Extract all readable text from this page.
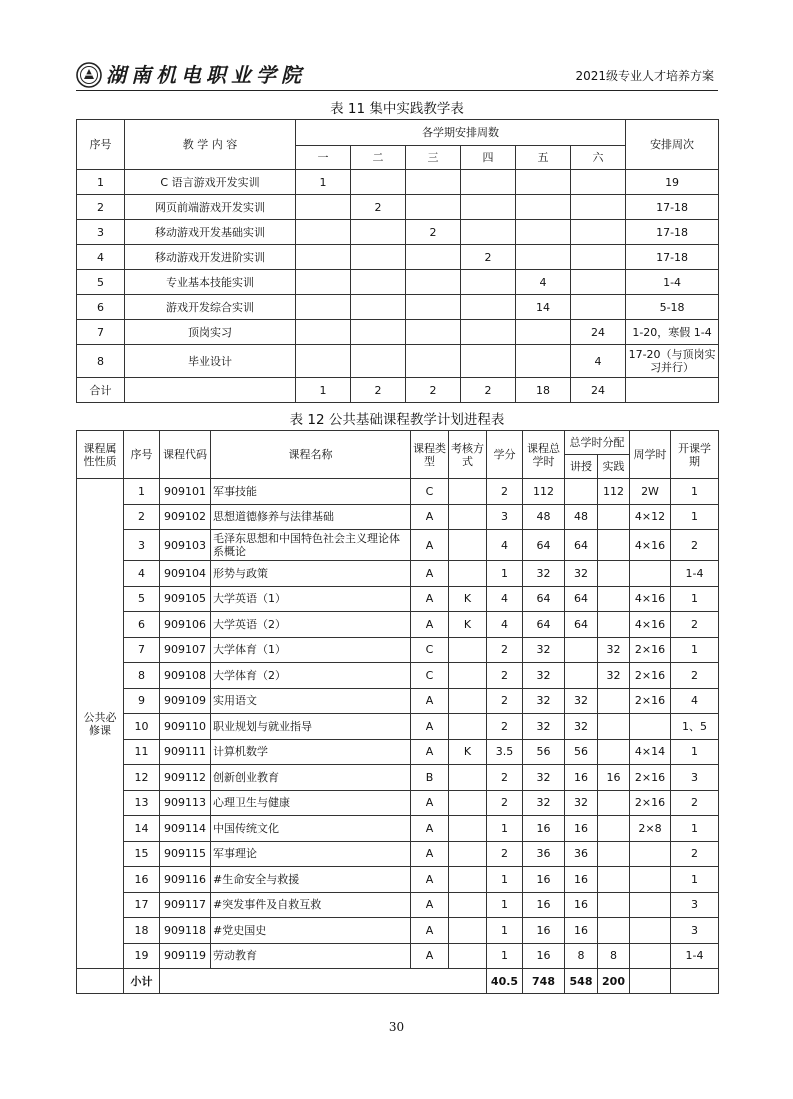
湖南机电职业学院	2021级专业人才培养方案
表 11 集中实践教学表
序号	教 学 内 容	各学期安排周数						安排周次
		一	二	三	四	五	六	
1	C 语言游戏开发实训	1						19
2	网页前端游戏开发实训		2					17-18
3	移动游戏开发基础实训			2				17-18
4	移动游戏开发进阶实训				2			17-18
5	专业基本技能实训					4		1-4
6	游戏开发综合实训					14		5-18
7	顶岗实习						24	1-20，寒假 1-4
8	毕业设计						4	17-20（与顶岗实习并行）
合计		1	2	2	2	18	24	
表 12 公共基础课程教学计划进程表
课程属性性质	序号	课程代码	课程名称	课程类型	考核方式	学分	课程总学时	总学时分配		周学时	开课学期
								讲授	实践		
公共必修课	1	909101	军事技能	C		2	112		112	2W	1
	2	909102	思想道德修养与法律基础	A		3	48	48		4×12	1
	3	909103	毛泽东思想和中国特色社会主义理论体系概论	A		4	64	64		4×16	2
	4	909104	形势与政策	A		1	32	32			1-4
	5	909105	大学英语（1）	A	K	4	64	64		4×16	1
	6	909106	大学英语（2）	A	K	4	64	64		4×16	2
	7	909107	大学体育（1）	C		2	32		32	2×16	1
	8	909108	大学体育（2）	C		2	32		32	2×16	2
	9	909109	实用语文	A		2	32	32		2×16	4
	10	909110	职业规划与就业指导	A		2	32	32			1、5
	11	909111	计算机数学	A	K	3.5	56	56		4×14	1
	12	909112	创新创业教育	B		2	32	16	16	2×16	3
	13	909113	心理卫生与健康	A		2	32	32		2×16	2
	14	909114	中国传统文化	A		1	16	16		2×8	1
	15	909115	军事理论	A		2	36	36			2
	16	909116	#生命安全与救援	A		1	16	16			1
	17	909117	#突发事件及自救互救	A		1	16	16			3
	18	909118	#党史国史	A		1	16	16			3
	19	909119	劳动教育	A		1	16	8	8		1-4
	小计					40.5	748	548	200		
30
